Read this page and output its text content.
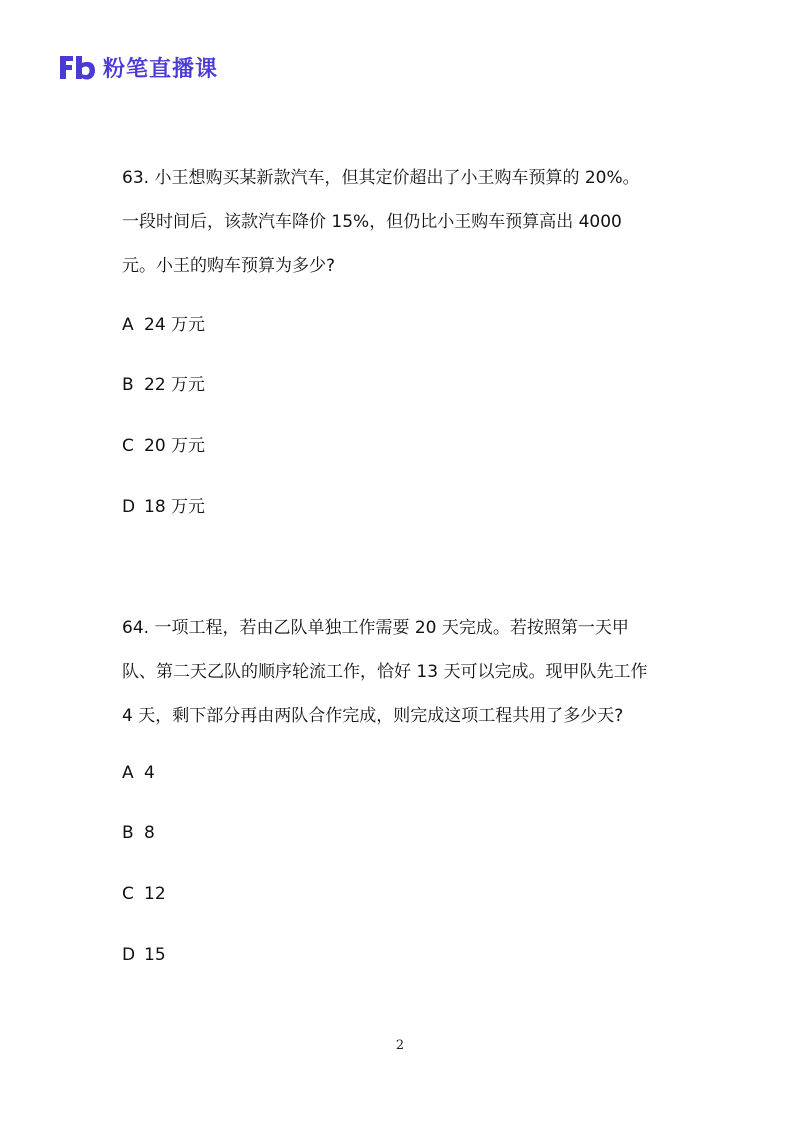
粉笔直播课
63. 小王想购买某新款汽车，但其定价超出了小王购车预算的 20%。
一段时间后，该款汽车降价 15%，但仍比小王购车预算高出 4000
元。小王的购车预算为多少?
A 24 万元
B 22 万元
C 20 万元
D 18 万元
64. 一项工程，若由乙队单独工作需要 20 天完成。若按照第一天甲
队、第二天乙队的顺序轮流工作，恰好 13 天可以完成。现甲队先工作
4 天，剩下部分再由两队合作完成，则完成这项工程共用了多少天?
A 4
B 8
C 12
D 15
2
